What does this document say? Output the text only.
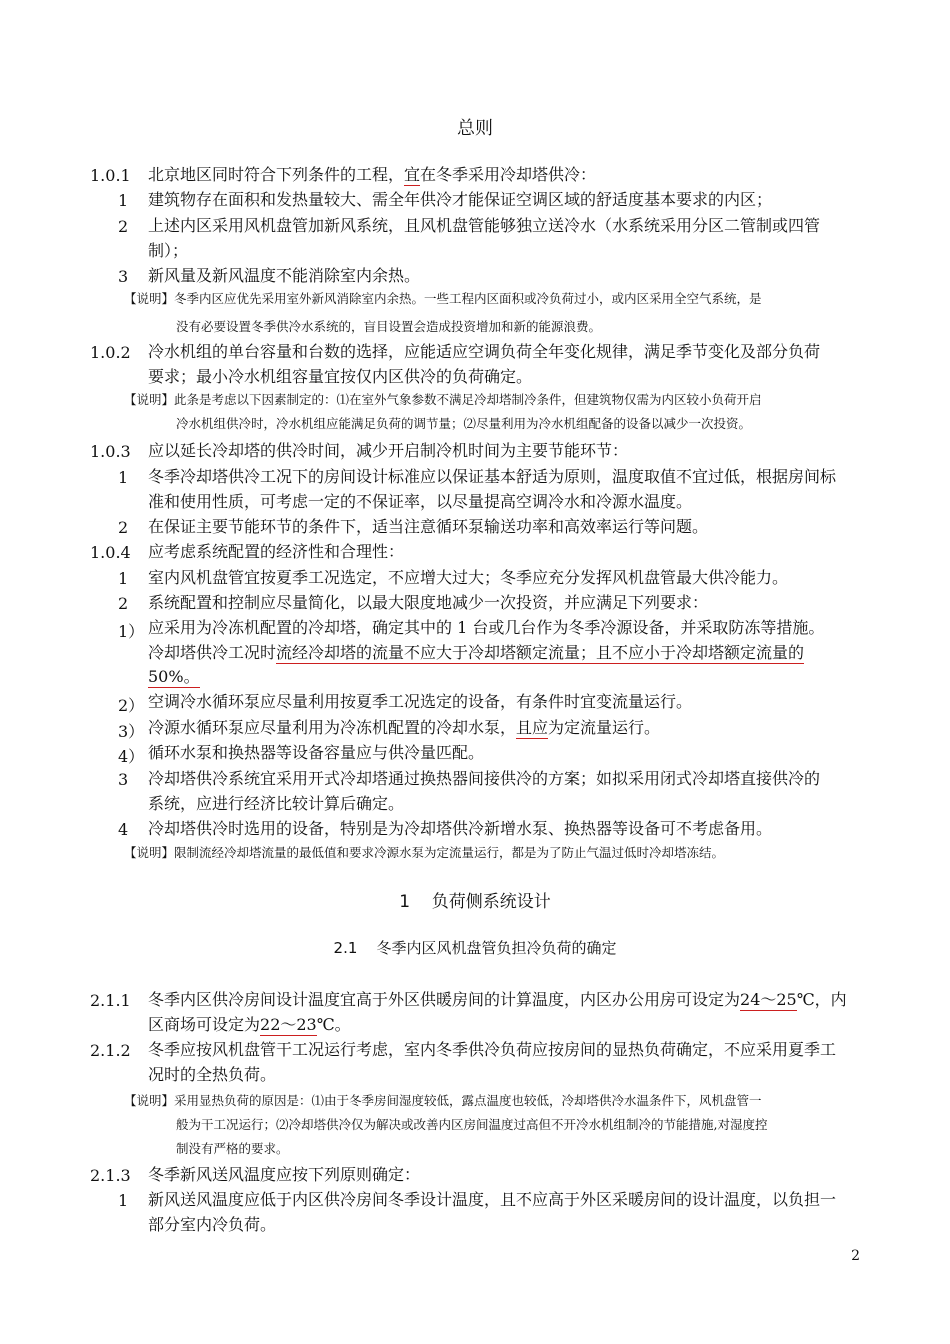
总则
1.0.1 北京地区同时符合下列条件的工程，宜在冬季采用冷却塔供冷：
1 建筑物存在面积和发热量较大、需全年供冷才能保证空调区域的舒适度基本要求的内区；
2 上述内区采用风机盘管加新风系统，且风机盘管能够独立送冷水（水系统采用分区二管制或四管
制）；
3 新风量及新风温度不能消除室内余热。
【说明】冬季内区应优先采用室外新风消除室内余热。一些工程内区面积或冷负荷过小，或内区采用全空气系统，是
没有必要设置冬季供冷水系统的，盲目设置会造成投资增加和新的能源浪费。
1.0.2 冷水机组的单台容量和台数的选择，应能适应空调负荷全年变化规律，满足季节变化及部分负荷
要求；最小冷水机组容量宜按仅内区供冷的负荷确定。
【说明】此条是考虑以下因素制定的：⑴在室外气象参数不满足冷却塔制冷条件，但建筑物仅需为内区较小负荷开启
冷水机组供冷时，冷水机组应能满足负荷的调节量；⑵尽量利用为冷水机组配备的设备以减少一次投资。
1.0.3 应以延长冷却塔的供冷时间，减少开启制冷机时间为主要节能环节：
1 冬季冷却塔供冷工况下的房间设计标准应以保证基本舒适为原则，温度取值不宜过低，根据房间标
准和使用性质，可考虑一定的不保证率，以尽量提高空调冷水和冷源水温度。
2 在保证主要节能环节的条件下，适当注意循环泵输送功率和高效率运行等问题。
1.0.4 应考虑系统配置的经济性和合理性：
1 室内风机盘管宜按夏季工况选定，不应增大过大；冬季应充分发挥风机盘管最大供冷能力。
2 系统配置和控制应尽量简化，以最大限度地减少一次投资，并应满足下列要求：
1） 应采用为冷冻机配置的冷却塔，确定其中的 1 台或几台作为冬季冷源设备，并采取防冻等措施。
冷却塔供冷工况时流经冷却塔的流量不应大于冷却塔额定流量；且不应小于冷却塔额定流量的
50%。
2） 空调冷水循环泵应尽量利用按夏季工况选定的设备，有条件时宜变流量运行。
3） 冷源水循环泵应尽量利用为冷冻机配置的冷却水泵，且应为定流量运行。
4） 循环水泵和换热器等设备容量应与供冷量匹配。
3 冷却塔供冷系统宜采用开式冷却塔通过换热器间接供冷的方案；如拟采用闭式冷却塔直接供冷的
系统，应进行经济比较计算后确定。
4 冷却塔供冷时选用的设备，特别是为冷却塔供冷新增水泵、换热器等设备可不考虑备用。
【说明】限制流经冷却塔流量的最低值和要求冷源水泵为定流量运行，都是为了防止气温过低时冷却塔冻结。
1    负荷侧系统设计
2.1    冬季内区风机盘管负担冷负荷的确定
2.1.1 冬季内区供冷房间设计温度宜高于外区供暖房间的计算温度，内区办公用房可设定为24～25℃，内
区商场可设定为22～23℃。
2.1.2 冬季应按风机盘管干工况运行考虑，室内冬季供冷负荷应按房间的显热负荷确定，不应采用夏季工
况时的全热负荷。
【说明】采用显热负荷的原因是：⑴由于冬季房间湿度较低，露点温度也较低，冷却塔供冷水温条件下，风机盘管一
般为干工况运行；⑵冷却塔供冷仅为解决或改善内区房间温度过高但不开冷水机组制冷的节能措施,对湿度控
制没有严格的要求。
2.1.3 冬季新风送风温度应按下列原则确定：
1 新风送风温度应低于内区供冷房间冬季设计温度，且不应高于外区采暖房间的设计温度，以负担一
部分室内冷负荷。
2
